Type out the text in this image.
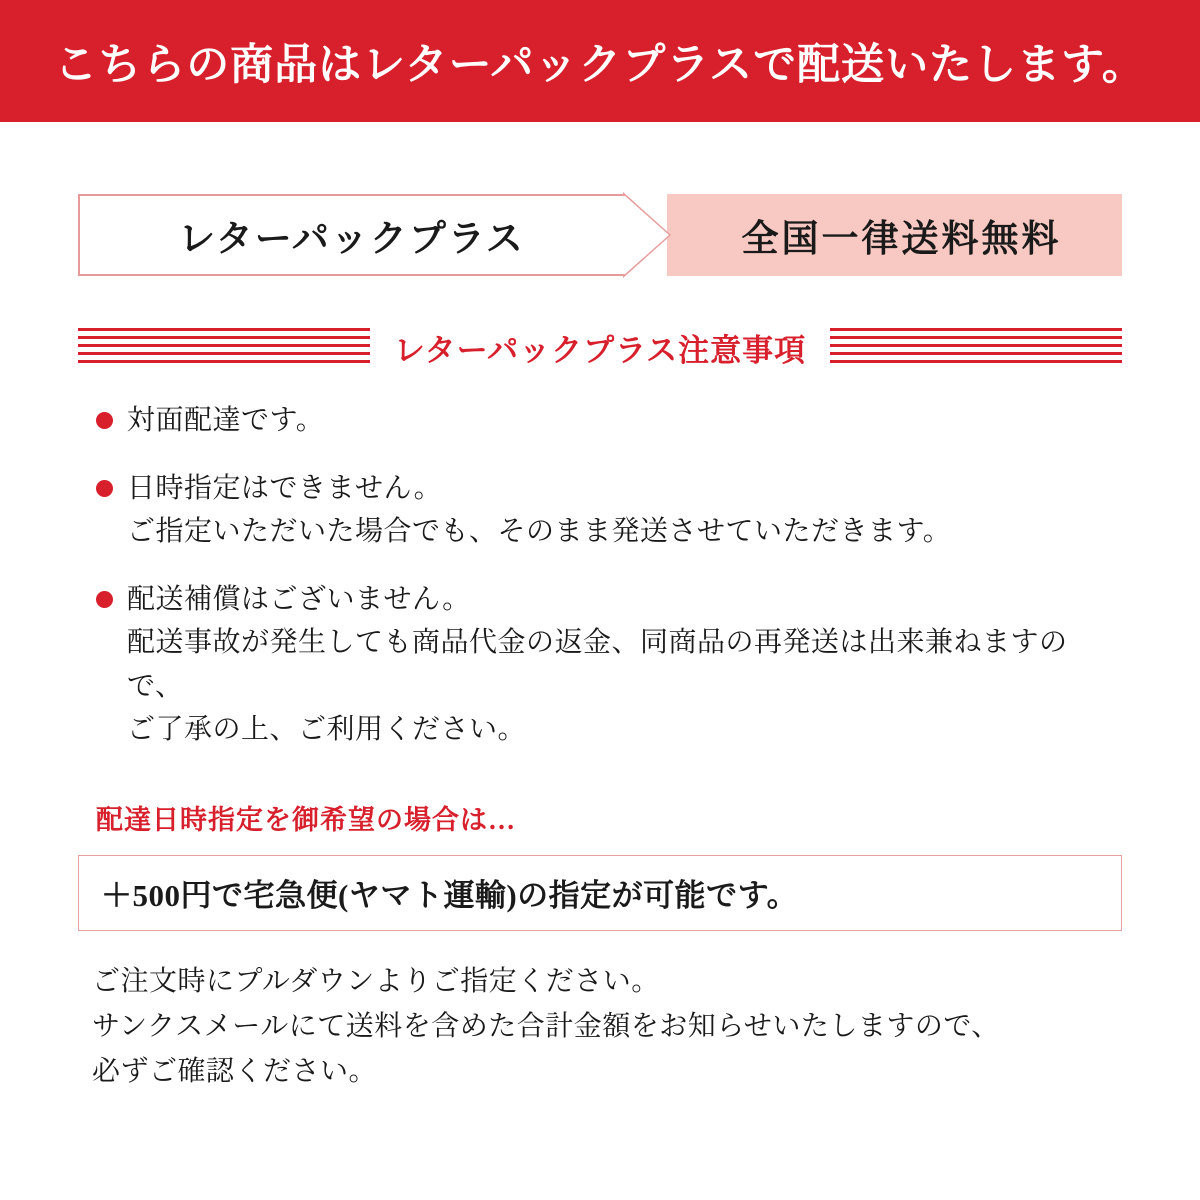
こちらの商品はレターパックプラスで配送いたします。
レターパックプラス	全国一律送料無料
レターパックプラス注意事項
対面配達です。
日時指定はできません。
ご指定いただいた場合でも、そのまま発送させていただきます。
配送補償はございません。
配送事故が発生しても商品代金の返金、同商品の再発送は出来兼ねますので、
ご了承の上、ご利用ください。
配達日時指定を御希望の場合は…
＋500円で宅急便(ヤマト運輸)の指定が可能です。
ご注文時にプルダウンよりご指定ください。
サンクスメールにて送料を含めた合計金額をお知らせいたしますので、
必ずご確認ください。
